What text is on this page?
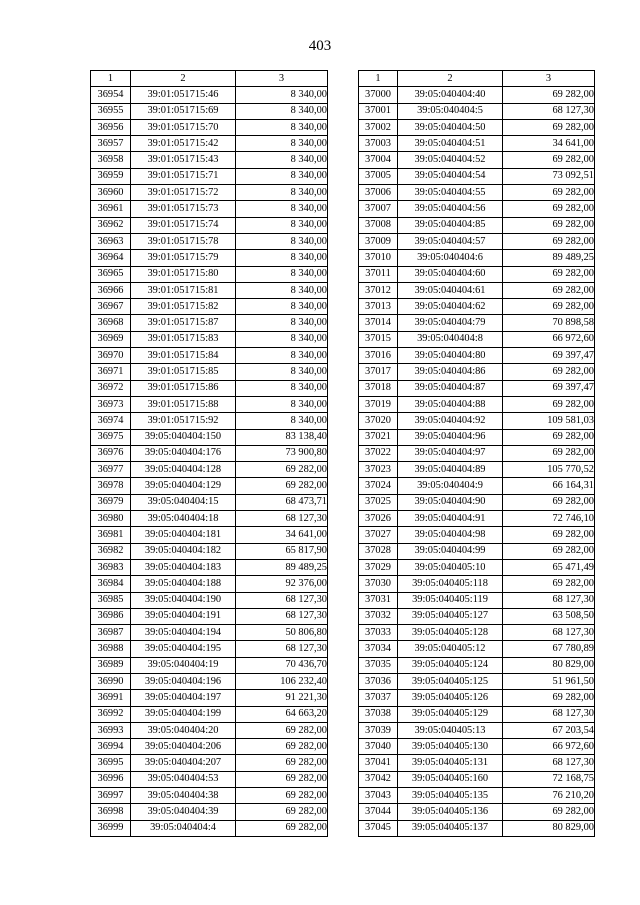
403
1	2	3
36954	39:01:051715:46	8 340,00
36955	39:01:051715:69	8 340,00
36956	39:01:051715:70	8 340,00
36957	39:01:051715:42	8 340,00
36958	39:01:051715:43	8 340,00
36959	39:01:051715:71	8 340,00
36960	39:01:051715:72	8 340,00
36961	39:01:051715:73	8 340,00
36962	39:01:051715:74	8 340,00
36963	39:01:051715:78	8 340,00
36964	39:01:051715:79	8 340,00
36965	39:01:051715:80	8 340,00
36966	39:01:051715:81	8 340,00
36967	39:01:051715:82	8 340,00
36968	39:01:051715:87	8 340,00
36969	39:01:051715:83	8 340,00
36970	39:01:051715:84	8 340,00
36971	39:01:051715:85	8 340,00
36972	39:01:051715:86	8 340,00
36973	39:01:051715:88	8 340,00
36974	39:01:051715:92	8 340,00
36975	39:05:040404:150	83 138,40
36976	39:05:040404:176	73 900,80
36977	39:05:040404:128	69 282,00
36978	39:05:040404:129	69 282,00
36979	39:05:040404:15	68 473,71
36980	39:05:040404:18	68 127,30
36981	39:05:040404:181	34 641,00
36982	39:05:040404:182	65 817,90
36983	39:05:040404:183	89 489,25
36984	39:05:040404:188	92 376,00
36985	39:05:040404:190	68 127,30
36986	39:05:040404:191	68 127,30
36987	39:05:040404:194	50 806,80
36988	39:05:040404:195	68 127,30
36989	39:05:040404:19	70 436,70
36990	39:05:040404:196	106 232,40
36991	39:05:040404:197	91 221,30
36992	39:05:040404:199	64 663,20
36993	39:05:040404:20	69 282,00
36994	39:05:040404:206	69 282,00
36995	39:05:040404:207	69 282,00
36996	39:05:040404:53	69 282,00
36997	39:05:040404:38	69 282,00
36998	39:05:040404:39	69 282,00
36999	39:05:040404:4	69 282,00
1	2	3
37000	39:05:040404:40	69 282,00
37001	39:05:040404:5	68 127,30
37002	39:05:040404:50	69 282,00
37003	39:05:040404:51	34 641,00
37004	39:05:040404:52	69 282,00
37005	39:05:040404:54	73 092,51
37006	39:05:040404:55	69 282,00
37007	39:05:040404:56	69 282,00
37008	39:05:040404:85	69 282,00
37009	39:05:040404:57	69 282,00
37010	39:05:040404:6	89 489,25
37011	39:05:040404:60	69 282,00
37012	39:05:040404:61	69 282,00
37013	39:05:040404:62	69 282,00
37014	39:05:040404:79	70 898,58
37015	39:05:040404:8	66 972,60
37016	39:05:040404:80	69 397,47
37017	39:05:040404:86	69 282,00
37018	39:05:040404:87	69 397,47
37019	39:05:040404:88	69 282,00
37020	39:05:040404:92	109 581,03
37021	39:05:040404:96	69 282,00
37022	39:05:040404:97	69 282,00
37023	39:05:040404:89	105 770,52
37024	39:05:040404:9	66 164,31
37025	39:05:040404:90	69 282,00
37026	39:05:040404:91	72 746,10
37027	39:05:040404:98	69 282,00
37028	39:05:040404:99	69 282,00
37029	39:05:040405:10	65 471,49
37030	39:05:040405:118	69 282,00
37031	39:05:040405:119	68 127,30
37032	39:05:040405:127	63 508,50
37033	39:05:040405:128	68 127,30
37034	39:05:040405:12	67 780,89
37035	39:05:040405:124	80 829,00
37036	39:05:040405:125	51 961,50
37037	39:05:040405:126	69 282,00
37038	39:05:040405:129	68 127,30
37039	39:05:040405:13	67 203,54
37040	39:05:040405:130	66 972,60
37041	39:05:040405:131	68 127,30
37042	39:05:040405:160	72 168,75
37043	39:05:040405:135	76 210,20
37044	39:05:040405:136	69 282,00
37045	39:05:040405:137	80 829,00
